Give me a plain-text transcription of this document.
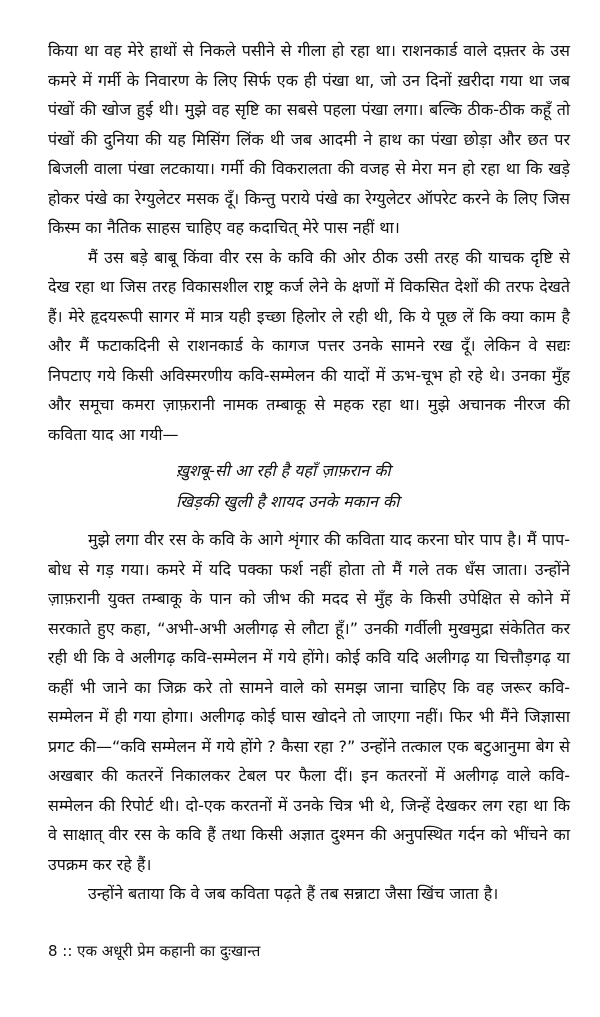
किया था वह मेरे हाथों से निकले पसीने से गीला हो रहा था। राशनकार्ड वाले दफ़्तर के उस कमरे में गर्मी के निवारण के लिए सिर्फ एक ही पंखा था, जो उन दिनों ख़रीदा गया था जब पंखों की खोज हुई थी। मुझे वह सृष्टि का सबसे पहला पंखा लगा। बल्कि ठीक-ठीक कहूँ तो पंखों की दुनिया की यह मिसिंग लिंक थी जब आदमी ने हाथ का पंखा छोड़ा और छत पर बिजली वाला पंखा लटकाया। गर्मी की विकरालता की वजह से मेरा मन हो रहा था कि खड़े होकर पंखे का रेग्युलेटर मसक दूँ। किन्तु पराये पंखे का रेग्युलेटर ऑपरेट करने के लिए जिस किस्म का नैतिक साहस चाहिए वह कदाचित् मेरे पास नहीं था।

मैं उस बड़े बाबू किंवा वीर रस के कवि की ओर ठीक उसी तरह की याचक दृष्टि से देख रहा था जिस तरह विकासशील राष्ट्र कर्ज लेने के क्षणों में विकसित देशों की तरफ देखते हैं। मेरे हृदयरूपी सागर में मात्र यही इच्छा हिलोर ले रही थी, कि ये पूछ लें कि क्या काम है और मैं फटाकदिनी से राशनकार्ड के कागज पत्तर उनके सामने रख दूँ। लेकिन वे सद्यः निपटाए गये किसी अविस्मरणीय कवि-सम्मेलन की यादों में ऊभ-चूभ हो रहे थे। उनका मुँह और समूचा कमरा ज़ाफ़रानी नामक तम्बाकू से महक रहा था। मुझे अचानक नीरज की कविता याद आ गयी—

ख़ुशबू-सी आ रही है यहाँ ज़ाफ़रान की
खिड़की खुली है शायद उनके मकान की

मुझे लगा वीर रस के कवि के आगे शृंगार की कविता याद करना घोर पाप है। मैं पाप-बोध से गड़ गया। कमरे में यदि पक्का फर्श नहीं होता तो मैं गले तक धँस जाता। उन्होंने ज़ाफ़रानी युक्त तम्बाकू के पान को जीभ की मदद से मुँह के किसी उपेक्षित से कोने में सरकाते हुए कहा, “अभी-अभी अलीगढ़ से लौटा हूँ।” उनकी गर्वीली मुखमुद्रा संकेतित कर रही थी कि वे अलीगढ़ कवि-सम्मेलन में गये होंगे। कोई कवि यदि अलीगढ़ या चित्तौड़गढ़ या कहीं भी जाने का जिक्र करे तो सामने वाले को समझ जाना चाहिए कि वह जरूर कवि-सम्मेलन में ही गया होगा। अलीगढ़ कोई घास खोदने तो जाएगा नहीं। फिर भी मैंने जिज्ञासा प्रगट की—“कवि सम्मेलन में गये होंगे ? कैसा रहा ?” उन्होंने तत्काल एक बटुआनुमा बेग से अखबार की कतरनें निकालकर टेबल पर फैला दीं। इन कतरनों में अलीगढ़ वाले कवि-सम्मेलन की रिपोर्ट थी। दो-एक करतनों में उनके चित्र भी थे, जिन्हें देखकर लग रहा था कि वे साक्षात् वीर रस के कवि हैं तथा किसी अज्ञात दुश्मन की अनुपस्थित गर्दन को भींचने का उपक्रम कर रहे हैं।

उन्होंने बताया कि वे जब कविता पढ़ते हैं तब सन्नाटा जैसा खिंच जाता है।

8 :: एक अधूरी प्रेम कहानी का दुःखान्त
